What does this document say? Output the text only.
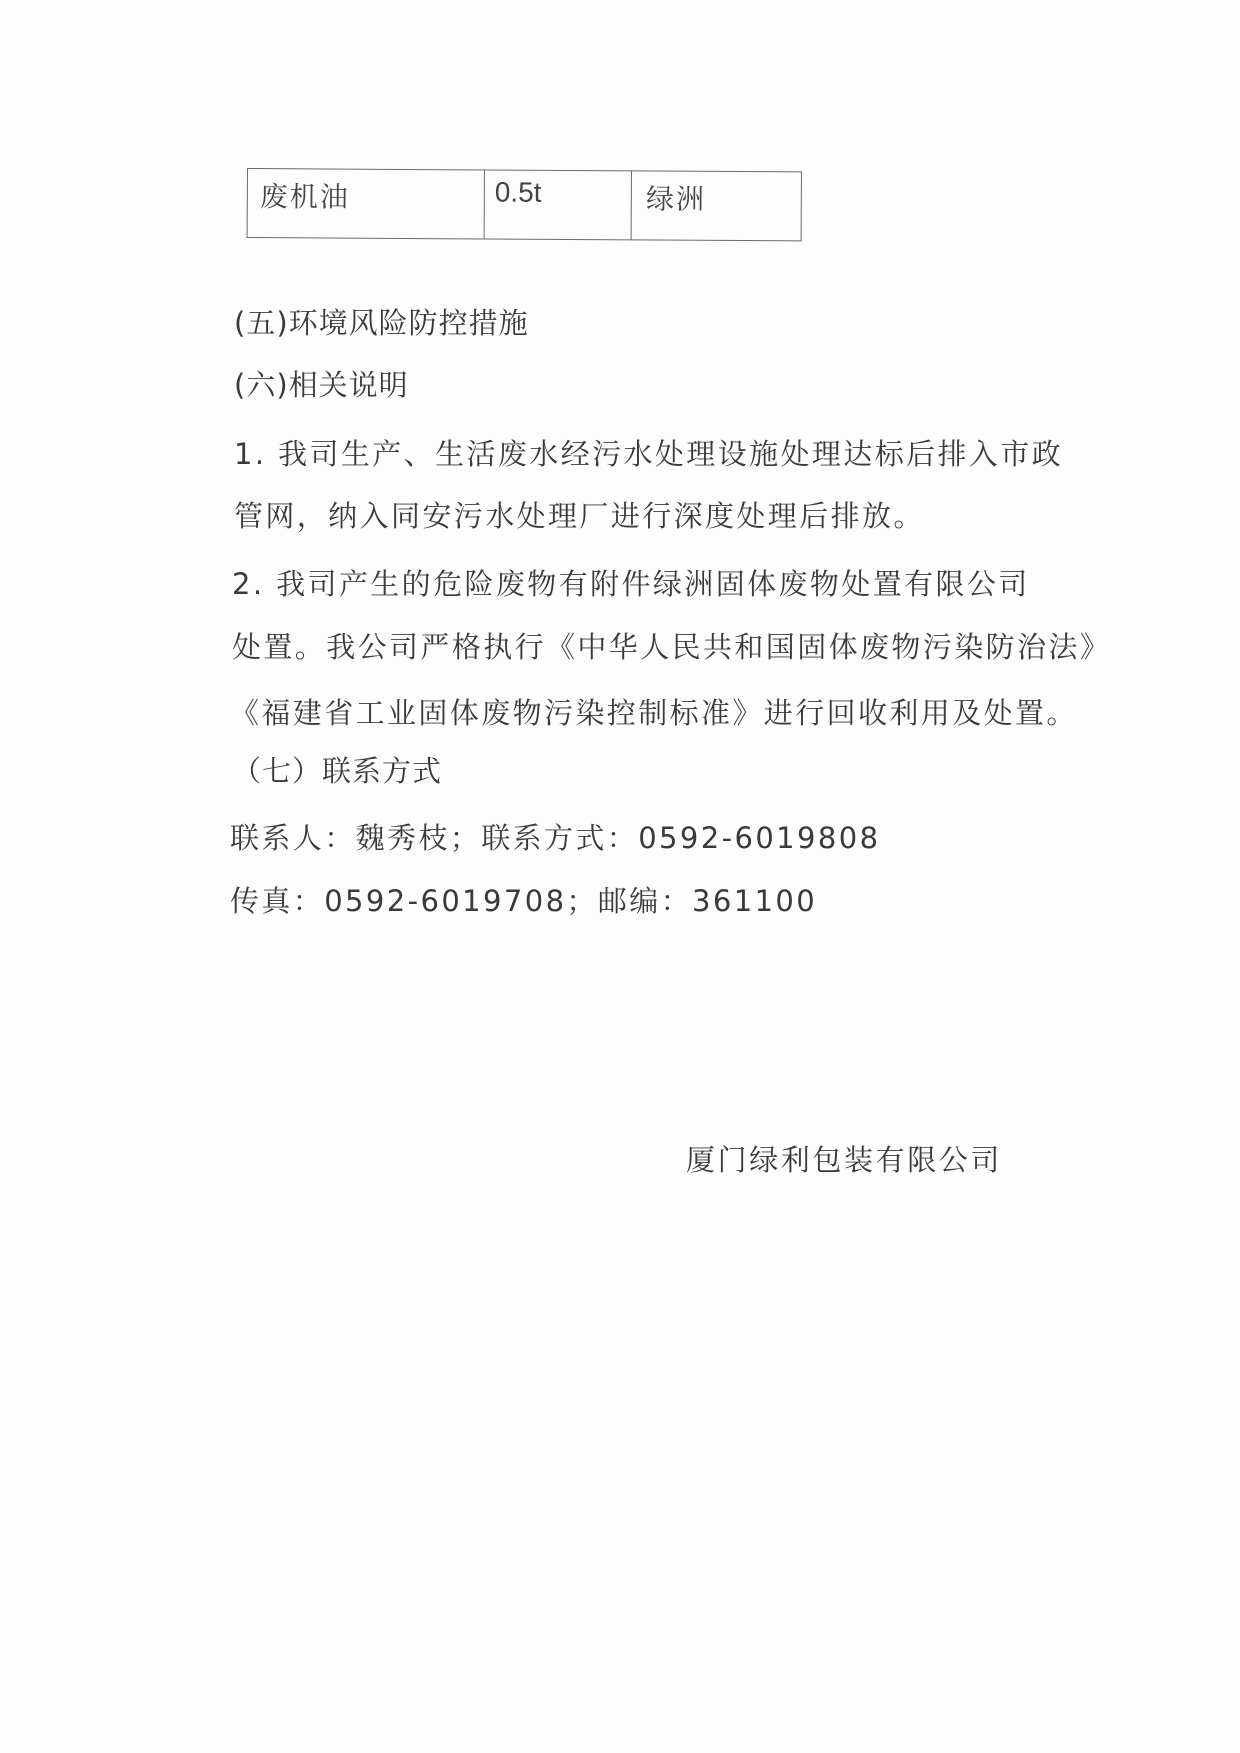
废机油	0.5t	绿洲
(五)环境风险防控措施
(六)相关说明
1. 我司生产、生活废水经污水处理设施处理达标后排入市政
管网，纳入同安污水处理厂进行深度处理后排放。
2. 我司产生的危险废物有附件绿洲固体废物处置有限公司
处置。我公司严格执行《中华人民共和国固体废物污染防治法》
《福建省工业固体废物污染控制标准》进行回收利用及处置。
（七）联系方式
联系人：魏秀枝；联系方式：0592-6019808
传真：0592-6019708；邮编：361100
厦门绿利包装有限公司
